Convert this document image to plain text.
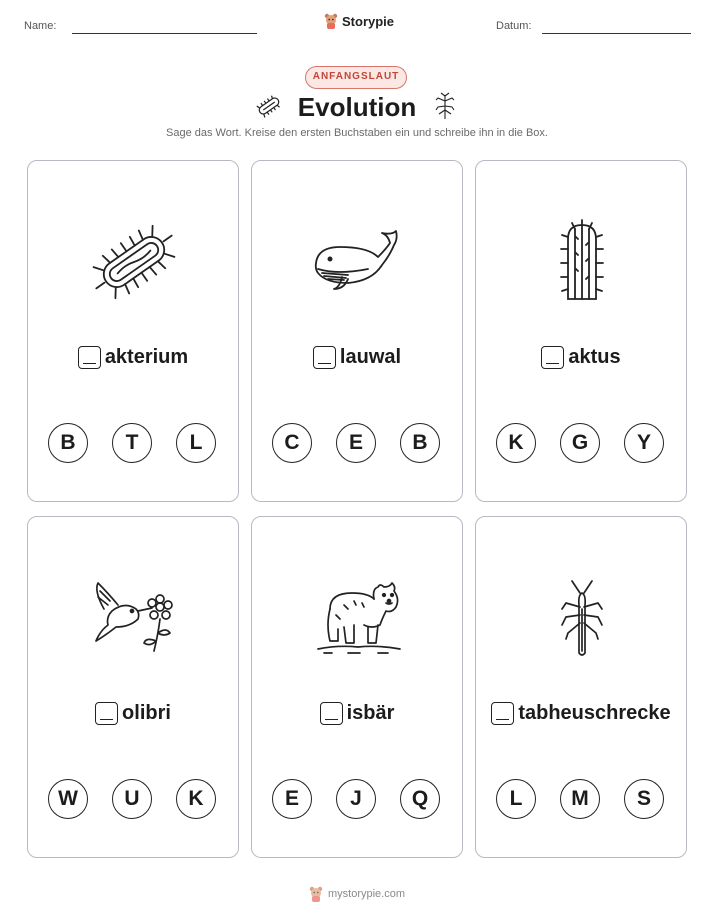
Name:	Storypie	Datum:
ANFANGSLAUT
Evolution
Sage das Wort. Kreise den ersten Buchstaben ein und schreibe ihn in die Box.
akterium
B	T	L
lauwal
C	E	B
aktus
K	G	Y
olibri
W	U	K
isbär
E	J	Q
tabheuschrecke
L	M	S
mystorypie.com
